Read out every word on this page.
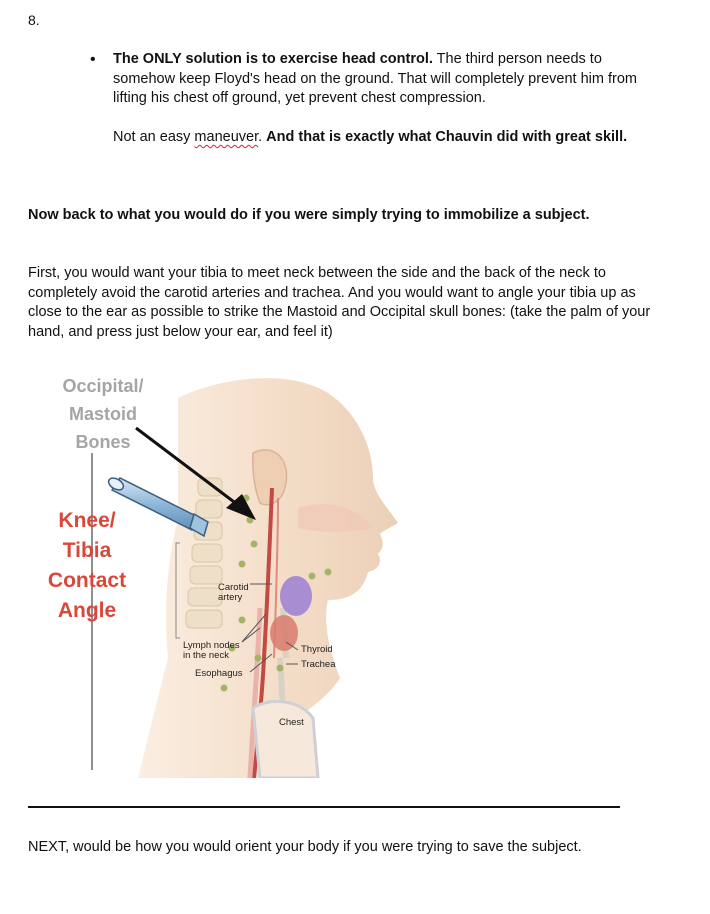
8.
• The ONLY solution is to exercise head control. The third person needs to somehow keep Floyd's head on the ground. That will completely prevent him from lifting his chest off ground, yet prevent chest compression.

Not an easy maneuver. And that is exactly what Chauvin did with great skill.

Now back to what you would do if you were simply trying to immobilize a subject.
First, you would want your tibia to meet neck between the side and the back of the neck to completely avoid the carotid arteries and trachea. And you would want to angle your tibia up as close to the ear as possible to strike the Mastoid and Occipital skull bones: (take the palm of your hand, and press just below your ear, and feel it)
Occipital/
Mastoid
Bones
Knee/
Tibia
Contact
Angle
Carotid
artery
Lymph nodes
in the neck
Esophagus
Thyroid
Trachea
Chest
NEXT, would be how you would orient your body if you were trying to save the subject.
